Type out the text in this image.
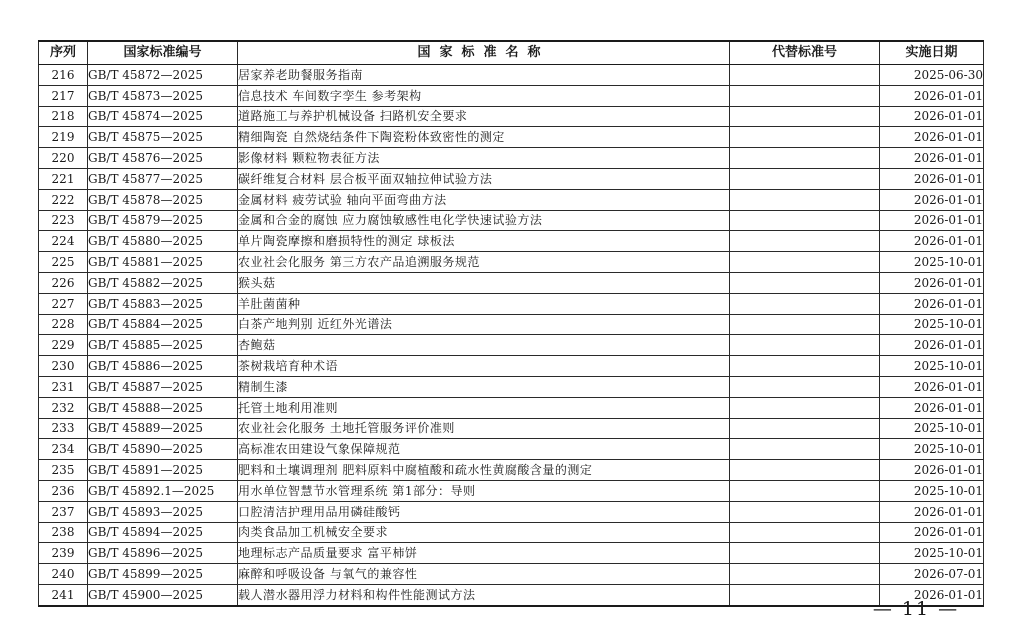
序列	国家标准编号	国家标准名称	代替标准号	实施日期
216	GB/T 45872—2025	居家养老助餐服务指南		2025-06-30
217	GB/T 45873—2025	信息技术 车间数字孪生 参考架构		2026-01-01
218	GB/T 45874—2025	道路施工与养护机械设备 扫路机安全要求		2026-01-01
219	GB/T 45875—2025	精细陶瓷 自然烧结条件下陶瓷粉体致密性的测定		2026-01-01
220	GB/T 45876—2025	影像材料 颗粒物表征方法		2026-01-01
221	GB/T 45877—2025	碳纤维复合材料 层合板平面双轴拉伸试验方法		2026-01-01
222	GB/T 45878—2025	金属材料 疲劳试验 轴向平面弯曲方法		2026-01-01
223	GB/T 45879—2025	金属和合金的腐蚀 应力腐蚀敏感性电化学快速试验方法		2026-01-01
224	GB/T 45880—2025	单片陶瓷摩擦和磨损特性的测定 球板法		2026-01-01
225	GB/T 45881—2025	农业社会化服务 第三方农产品追溯服务规范		2025-10-01
226	GB/T 45882—2025	猴头菇		2026-01-01
227	GB/T 45883—2025	羊肚菌菌种		2026-01-01
228	GB/T 45884—2025	白茶产地判别 近红外光谱法		2025-10-01
229	GB/T 45885—2025	杏鲍菇		2026-01-01
230	GB/T 45886—2025	茶树栽培育种术语		2025-10-01
231	GB/T 45887—2025	精制生漆		2026-01-01
232	GB/T 45888—2025	托管土地利用准则		2026-01-01
233	GB/T 45889—2025	农业社会化服务 土地托管服务评价准则		2025-10-01
234	GB/T 45890—2025	高标准农田建设气象保障规范		2025-10-01
235	GB/T 45891—2025	肥料和土壤调理剂 肥料原料中腐植酸和疏水性黄腐酸含量的测定		2026-01-01
236	GB/T 45892.1—2025	用水单位智慧节水管理系统 第1部分：导则		2025-10-01
237	GB/T 45893—2025	口腔清洁护理用品用磷硅酸钙		2026-01-01
238	GB/T 45894—2025	肉类食品加工机械安全要求		2026-01-01
239	GB/T 45896—2025	地理标志产品质量要求 富平柿饼		2025-10-01
240	GB/T 45899—2025	麻醉和呼吸设备 与氧气的兼容性		2026-07-01
241	GB/T 45900—2025	载人潜水器用浮力材料和构件性能测试方法		2026-01-01
— 11 —
